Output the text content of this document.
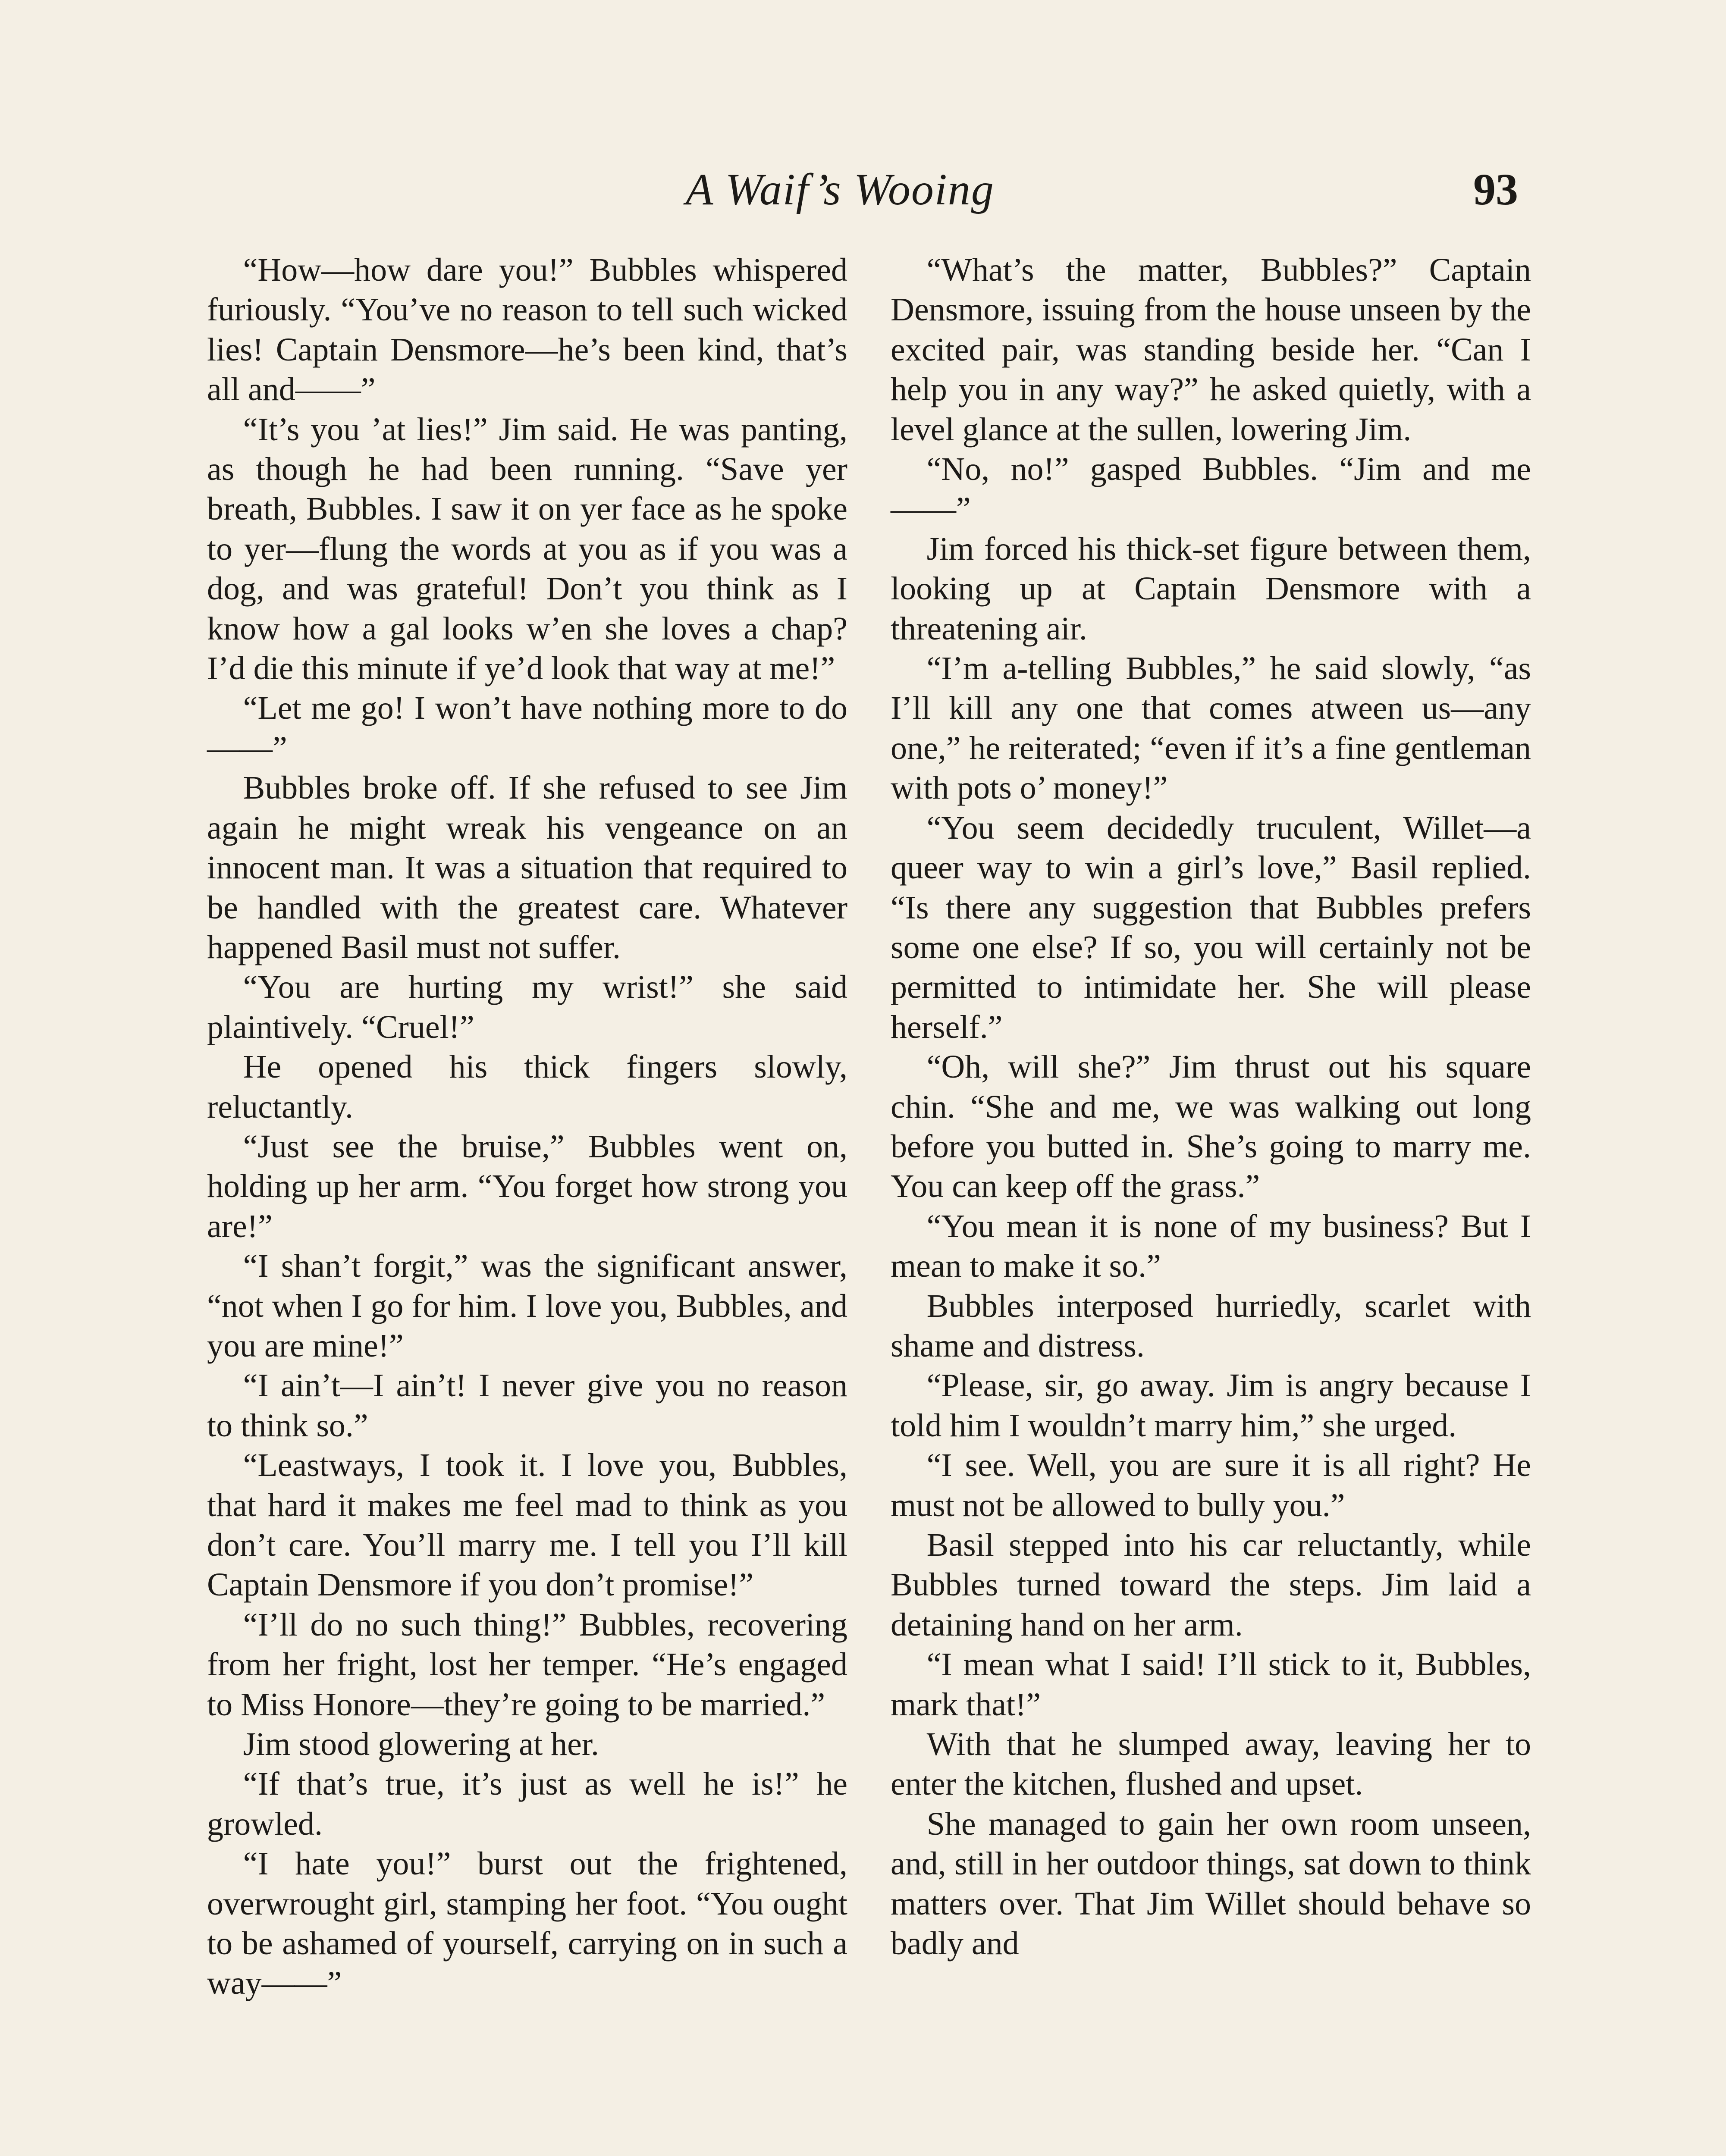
A Waif’s Wooing	93

“How—how dare you!” Bubbles whispered furiously. “You’ve no reason to tell such wicked lies! Captain Densmore—he’s been kind, that’s all and——”

“It’s you ’at lies!” Jim said. He was panting, as though he had been running. “Save yer breath, Bubbles. I saw it on yer face as he spoke to yer—flung the words at you as if you was a dog, and was grateful! Don’t you think as I know how a gal looks w’en she loves a chap? I’d die this minute if ye’d look that way at me!”

“Let me go! I won’t have nothing more to do——”

Bubbles broke off. If she refused to see Jim again he might wreak his vengeance on an innocent man. It was a situation that required to be handled with the greatest care. Whatever happened Basil must not suffer.

“You are hurting my wrist!” she said plaintively. “Cruel!”

He opened his thick fingers slowly, reluctantly.

“Just see the bruise,” Bubbles went on, holding up her arm. “You forget how strong you are!”

“I shan’t forgit,” was the significant answer, “not when I go for him. I love you, Bubbles, and you are mine!”

“I ain’t—I ain’t! I never give you no reason to think so.”

“Leastways, I took it. I love you, Bubbles, that hard it makes me feel mad to think as you don’t care. You’ll marry me. I tell you I’ll kill Captain Densmore if you don’t promise!”

“I’ll do no such thing!” Bubbles, recovering from her fright, lost her temper. “He’s engaged to Miss Honore—they’re going to be married.”

Jim stood glowering at her.

“If that’s true, it’s just as well he is!” he growled.

“I hate you!” burst out the frightened, overwrought girl, stamping her foot. “You ought to be ashamed of yourself, carrying on in such a way——”

“What’s the matter, Bubbles?” Captain Densmore, issuing from the house unseen by the excited pair, was standing beside her. “Can I help you in any way?” he asked quietly, with a level glance at the sullen, lowering Jim.

“No, no!” gasped Bubbles. “Jim and me——”

Jim forced his thick-set figure between them, looking up at Captain Densmore with a threatening air.

“I’m a-telling Bubbles,” he said slowly, “as I’ll kill any one that comes atween us—any one,” he reiterated; “even if it’s a fine gentleman with pots o’ money!”

“You seem decidedly truculent, Willet—a queer way to win a girl’s love,” Basil replied. “Is there any suggestion that Bubbles prefers some one else? If so, you will certainly not be permitted to intimidate her. She will please herself.”

“Oh, will she?” Jim thrust out his square chin. “She and me, we was walking out long before you butted in. She’s going to marry me. You can keep off the grass.”

“You mean it is none of my business? But I mean to make it so.”

Bubbles interposed hurriedly, scarlet with shame and distress.

“Please, sir, go away. Jim is angry because I told him I wouldn’t marry him,” she urged.

“I see. Well, you are sure it is all right? He must not be allowed to bully you.”

Basil stepped into his car reluctantly, while Bubbles turned toward the steps. Jim laid a detaining hand on her arm.

“I mean what I said! I’ll stick to it, Bubbles, mark that!”

With that he slumped away, leaving her to enter the kitchen, flushed and upset.

She managed to gain her own room unseen, and, still in her outdoor things, sat down to think matters over. That Jim Willet should behave so badly and
